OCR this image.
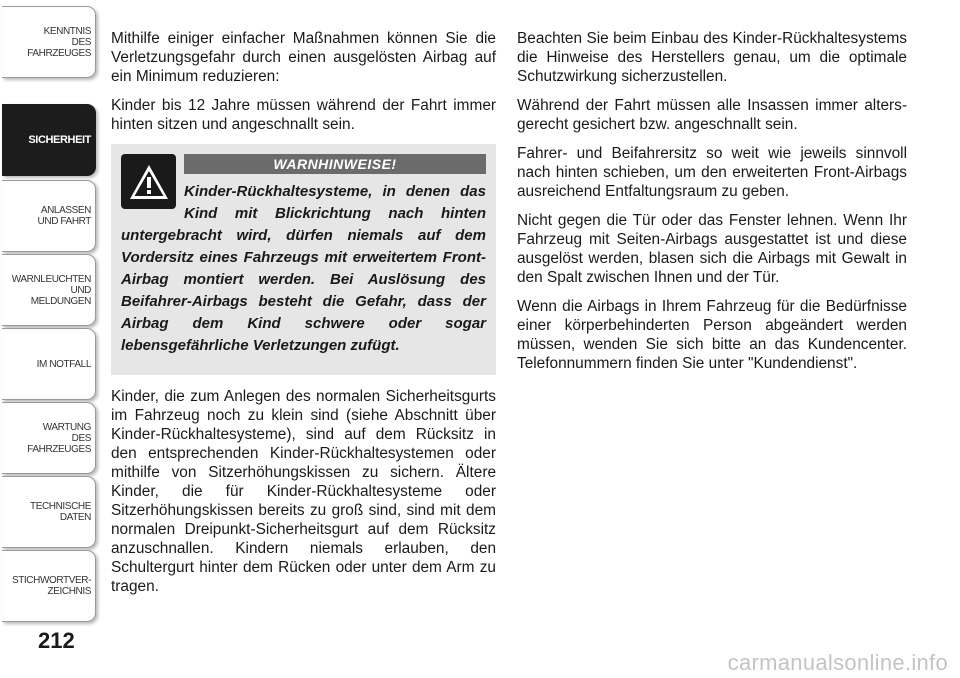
KENNTNIS
DES
FAHRZEUGES
SICHERHEIT
ANLASSEN
UND FAHRT
WARNLEUCHTEN
UND
MELDUNGEN
IM NOTFALL
WARTUNG
DES
FAHRZEUGES
TECHNISCHE
DATEN
STICHWORTVER-
ZEICHNIS
212

Mithilfe einiger einfacher Maßnahmen können Sie die Verletzungsgefahr durch einen ausgelösten Airbag auf ein Minimum reduzieren:

Kinder bis 12 Jahre müssen während der Fahrt immer hinten sitzen und angeschnallt sein.

WARNHINWEISE!

Kinder-Rückhaltesysteme, in denen das Kind mit Blickrichtung nach hinten untergebracht wird, dürfen niemals auf dem Vordersitz eines Fahrzeugs mit erweitertem Front-Airbag montiert werden. Bei Auslösung des Beifahrer-Airbags besteht die Gefahr, dass der Airbag dem Kind schwere oder sogar lebensgefährliche Verletzungen zufügt.

Kinder, die zum Anlegen des normalen Sicherheitsgurts im Fahrzeug noch zu klein sind (siehe Abschnitt über Kinder-Rückhaltesysteme), sind auf dem Rücksitz in den entsprechenden Kinder-Rückhaltesystemen oder mithilfe von Sitzerhöhungskissen zu sichern. Ältere Kinder, die für Kinder-Rückhaltesysteme oder Sitzerhöhungskissen bereits zu groß sind, sind mit dem normalen Dreipunkt-Sicherheitsgurt auf dem Rücksitz anzuschnallen. Kindern niemals erlauben, den Schultergurt hinter dem Rücken oder unter dem Arm zu tragen.

Beachten Sie beim Einbau des Kinder-Rückhaltesystems die Hinweise des Herstellers genau, um die optimale Schutzwirkung sicherzustellen.

Während der Fahrt müssen alle Insassen immer alters-gerecht gesichert bzw. angeschnallt sein.

Fahrer- und Beifahrersitz so weit wie jeweils sinnvoll nach hinten schieben, um den erweiterten Front-Airbags ausreichend Entfaltungsraum zu geben.

Nicht gegen die Tür oder das Fenster lehnen. Wenn Ihr Fahrzeug mit Seiten-Airbags ausgestattet ist und diese ausgelöst werden, blasen sich die Airbags mit Gewalt in den Spalt zwischen Ihnen und der Tür.

Wenn die Airbags in Ihrem Fahrzeug für die Bedürfnisse einer körperbehinderten Person abgeändert werden müssen, wenden Sie sich bitte an das Kundencenter. Telefonnummern finden Sie unter "Kundendienst".

carmanualsonline.info
